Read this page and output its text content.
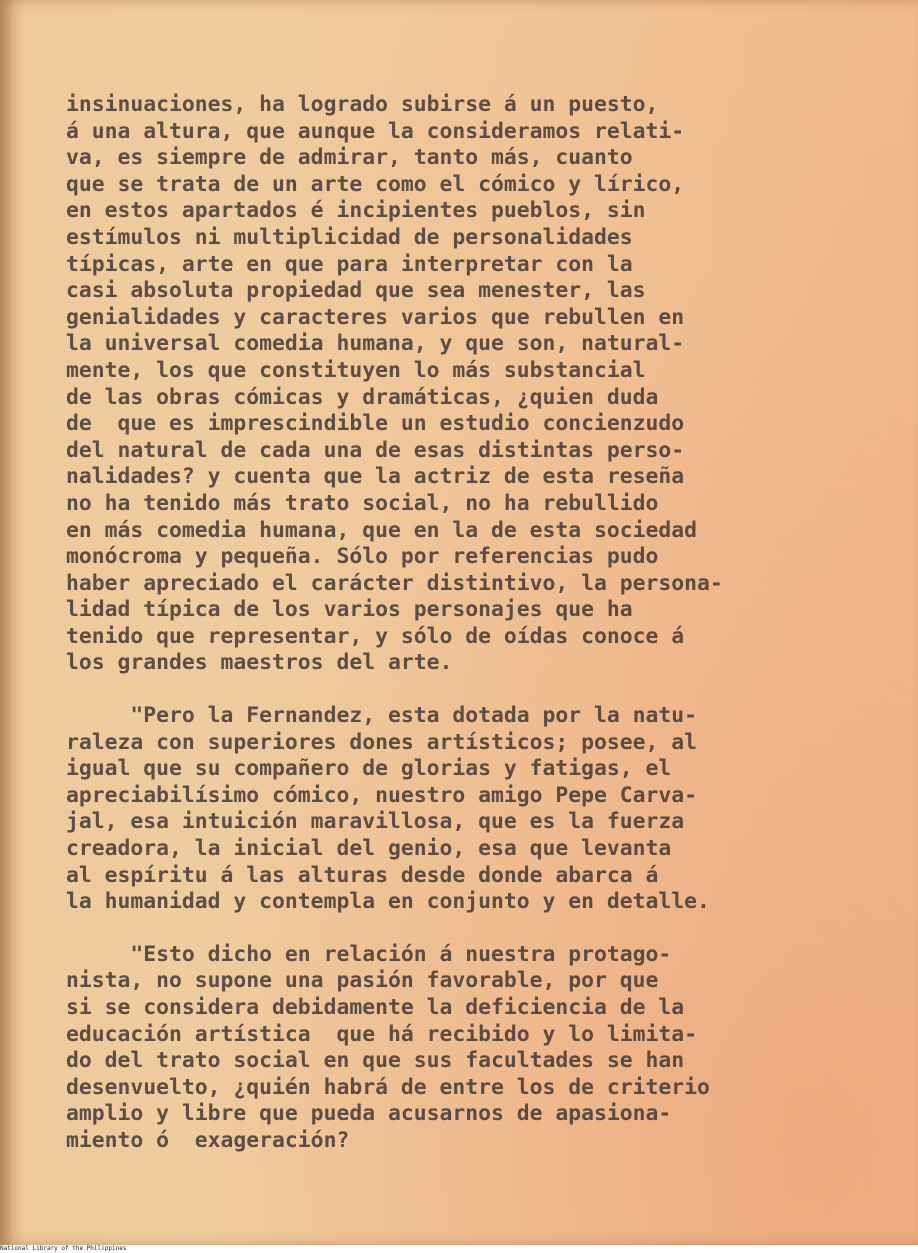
insinuaciones, ha logrado subirse á un puesto,
á una altura, que aunque la consideramos relati-
va, es siempre de admirar, tanto más, cuanto
que se trata de un arte como el cómico y lírico,
en estos apartados é incipientes pueblos, sin
estímulos ni multiplicidad de personalidades
típicas, arte en que para interpretar con la
casi absoluta propiedad que sea menester, las
genialidades y caracteres varios que rebullen en
la universal comedia humana, y que son, natural-
mente, los que constituyen lo más substancial
de las obras cómicas y dramáticas, ¿quien duda
de  que es imprescindible un estudio concienzudo
del natural de cada una de esas distintas perso-
nalidades? y cuenta que la actriz de esta reseña
no ha tenido más trato social, no ha rebullido
en más comedia humana, que en la de esta sociedad
monócroma y pequeña. Sólo por referencias pudo
haber apreciado el carácter distintivo, la persona-
lidad típica de los varios personajes que ha
tenido que representar, y sólo de oídas conoce á
los grandes maestros del arte.
"Pero la Fernandez, esta dotada por la natu-
raleza con superiores dones artísticos; posee, al
igual que su compañero de glorias y fatigas, el
apreciabilísimo cómico, nuestro amigo Pepe Carva-
jal, esa intuición maravillosa, que es la fuerza
creadora, la inicial del genio, esa que levanta
al espíritu á las alturas desde donde abarca á
la humanidad y contempla en conjunto y en detalle.
"Esto dicho en relación á nuestra protago-
nista, no supone una pasión favorable, por que
si se considera debidamente la deficiencia de la
educación artística  que há recibido y lo limita-
do del trato social en que sus facultades se han
desenvuelto, ¿quién habrá de entre los de criterio
amplio y libre que pueda acusarnos de apasiona-
miento ó  exageración?
National Library of the Philippines
